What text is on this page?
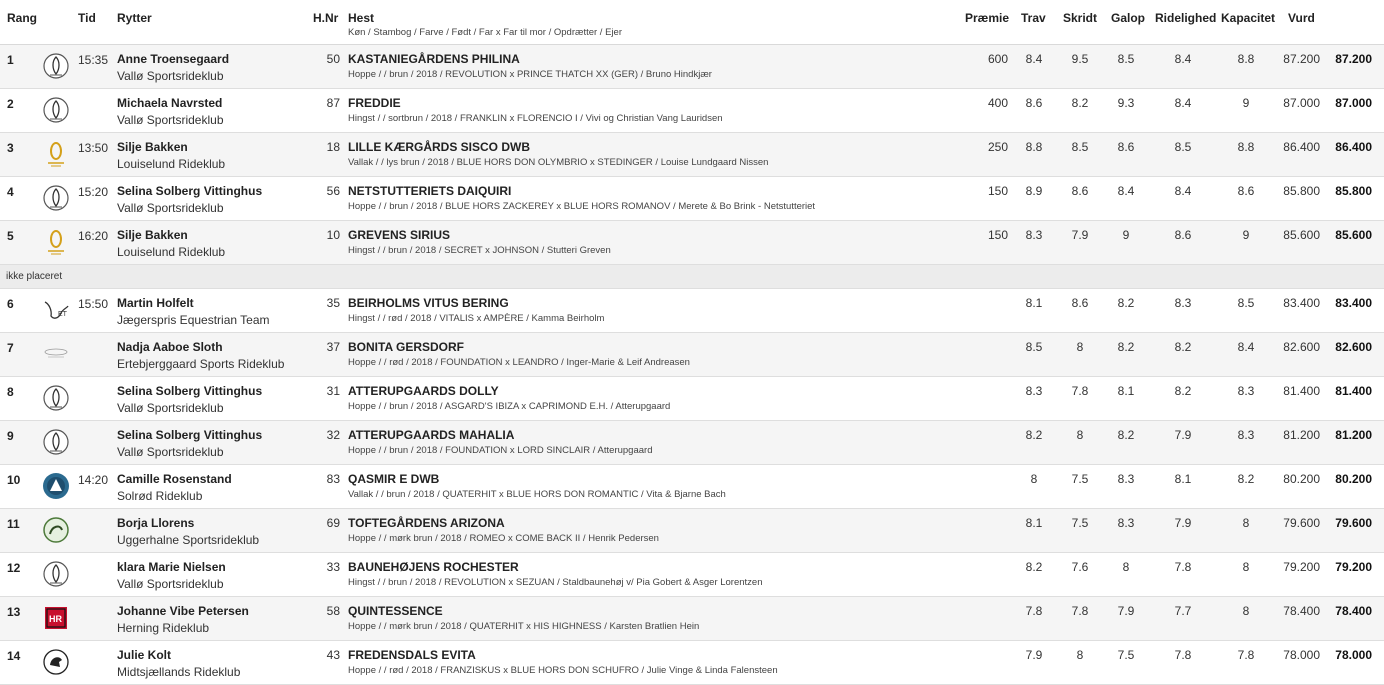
Rang	Tid Rytter	H.Nr Hest
Køn / Stambog / Farve / Født / Far x Far til mor / Opdrætter / Ejer
Præmie Trav Skridt Galop Ridelighed Kapacitet Vurd
1	15:35 Anne Troensegaard
Vallø Sportsrideklub
50 KASTANIEGÅRDENS PHILINA
Hoppe / / brun / 2018 / REVOLUTION x PRINCE THATCH XX (GER) / Bruno Hindkjær
600	8.4	9.5	8.5	8.4	8.8	87.200 87.200
2	Michaela Navrsted
Vallø Sportsrideklub
87 FREDDIE
Hingst / / sortbrun / 2018 / FRANKLIN x FLORENCIO I / Vivi og Christian Vang Lauridsen
400	8.6	8.2	9.3	8.4	9	87.000 87.000
3	13:50 Silje Bakken
Louiselund Rideklub
18 LILLE KÆRGÅRDS SISCO DWB
Vallak / / lys brun / 2018 / BLUE HORS DON OLYMBRIO x STEDINGER / Louise Lundgaard Nissen
250	8.8	8.5	8.6	8.5	8.8	86.400 86.400
4	15:20 Selina Solberg Vittinghus
Vallø Sportsrideklub
56 NETSTUTTERIETS DAIQUIRI
Hoppe / / brun / 2018 / BLUE HORS ZACKEREY x BLUE HORS ROMANOV / Merete & Bo Brink - Netstutteriet
150	8.9	8.6	8.4	8.4	8.6	85.800 85.800
5	16:20 Silje Bakken
Louiselund Rideklub
10 GREVENS SIRIUS
Hingst / / brun / 2018 / SECRET x JOHNSON / Stutteri Greven
150	8.3	7.9	9	8.6	9	85.600 85.600
ikke placeret
6
ET
15:50 Martin Holfelt
Jægerspris Equestrian Team
35 BEIRHOLMS VITUS BERING
Hingst / / rød / 2018 / VITALIS x AMPÈRE / Kamma Beirholm
8.1	8.6	8.2	8.3	8.5	83.400 83.400
7	Nadja Aaboe Sloth
Ertebjerggaard Sports Rideklub
37 BONITA GERSDORF
Hoppe / / rød / 2018 / FOUNDATION x LEANDRO / Inger-Marie & Leif Andreasen
8.5	8	8.2	8.2	8.4	82.600 82.600
8	Selina Solberg Vittinghus
Vallø Sportsrideklub
31 ATTERUPGAARDS DOLLY
Hoppe / / brun / 2018 / ASGARD'S IBIZA x CAPRIMOND E.H. / Atterupgaard
8.3	7.8	8.1	8.2	8.3	81.400 81.400
9	Selina Solberg Vittinghus
Vallø Sportsrideklub
32 ATTERUPGAARDS MAHALIA
Hoppe / / brun / 2018 / FOUNDATION x LORD SINCLAIR / Atterupgaard
8.2	8	8.2	7.9	8.3	81.200 81.200
10	14:20 Camille Rosenstand
Solrød Rideklub
83 QASMIR E DWB
Vallak / / brun / 2018 / QUATERHIT x BLUE HORS DON ROMANTIC / Vita & Bjarne Bach
8	7.5	8.3	8.1	8.2	80.200 80.200
11	Borja Llorens
Uggerhalne Sportsrideklub
69 TOFTEGÅRDENS ARIZONA
Hoppe / / mørk brun / 2018 / ROMEO x COME BACK II / Henrik Pedersen
8.1	7.5	8.3	7.9	8	79.600 79.600
12	klara Marie Nielsen
Vallø Sportsrideklub
33 BAUNEHØJENS ROCHESTER
Hingst / / brun / 2018 / REVOLUTION x SEZUAN / Staldbaunehøj v/ Pia Gobert & Asger Lorentzen
8.2	7.6	8	7.8	8	79.200 79.200
13	HR
Johanne Vibe Petersen
Herning Rideklub
58 QUINTESSENCE
Hoppe / / mørk brun / 2018 / QUATERHIT x HIS HIGHNESS / Karsten Bratlien Hein
7.8	7.8	7.9	7.7	8	78.400 78.400
14	Julie Kolt
Midtsjællands Rideklub
43 FREDENSDALS EVITA
Hoppe / / rød / 2018 / FRANZISKUS x BLUE HORS DON SCHUFRO / Julie Vinge & Linda Falensteen
7.9	8	7.5	7.8	7.8	78.000 78.000
